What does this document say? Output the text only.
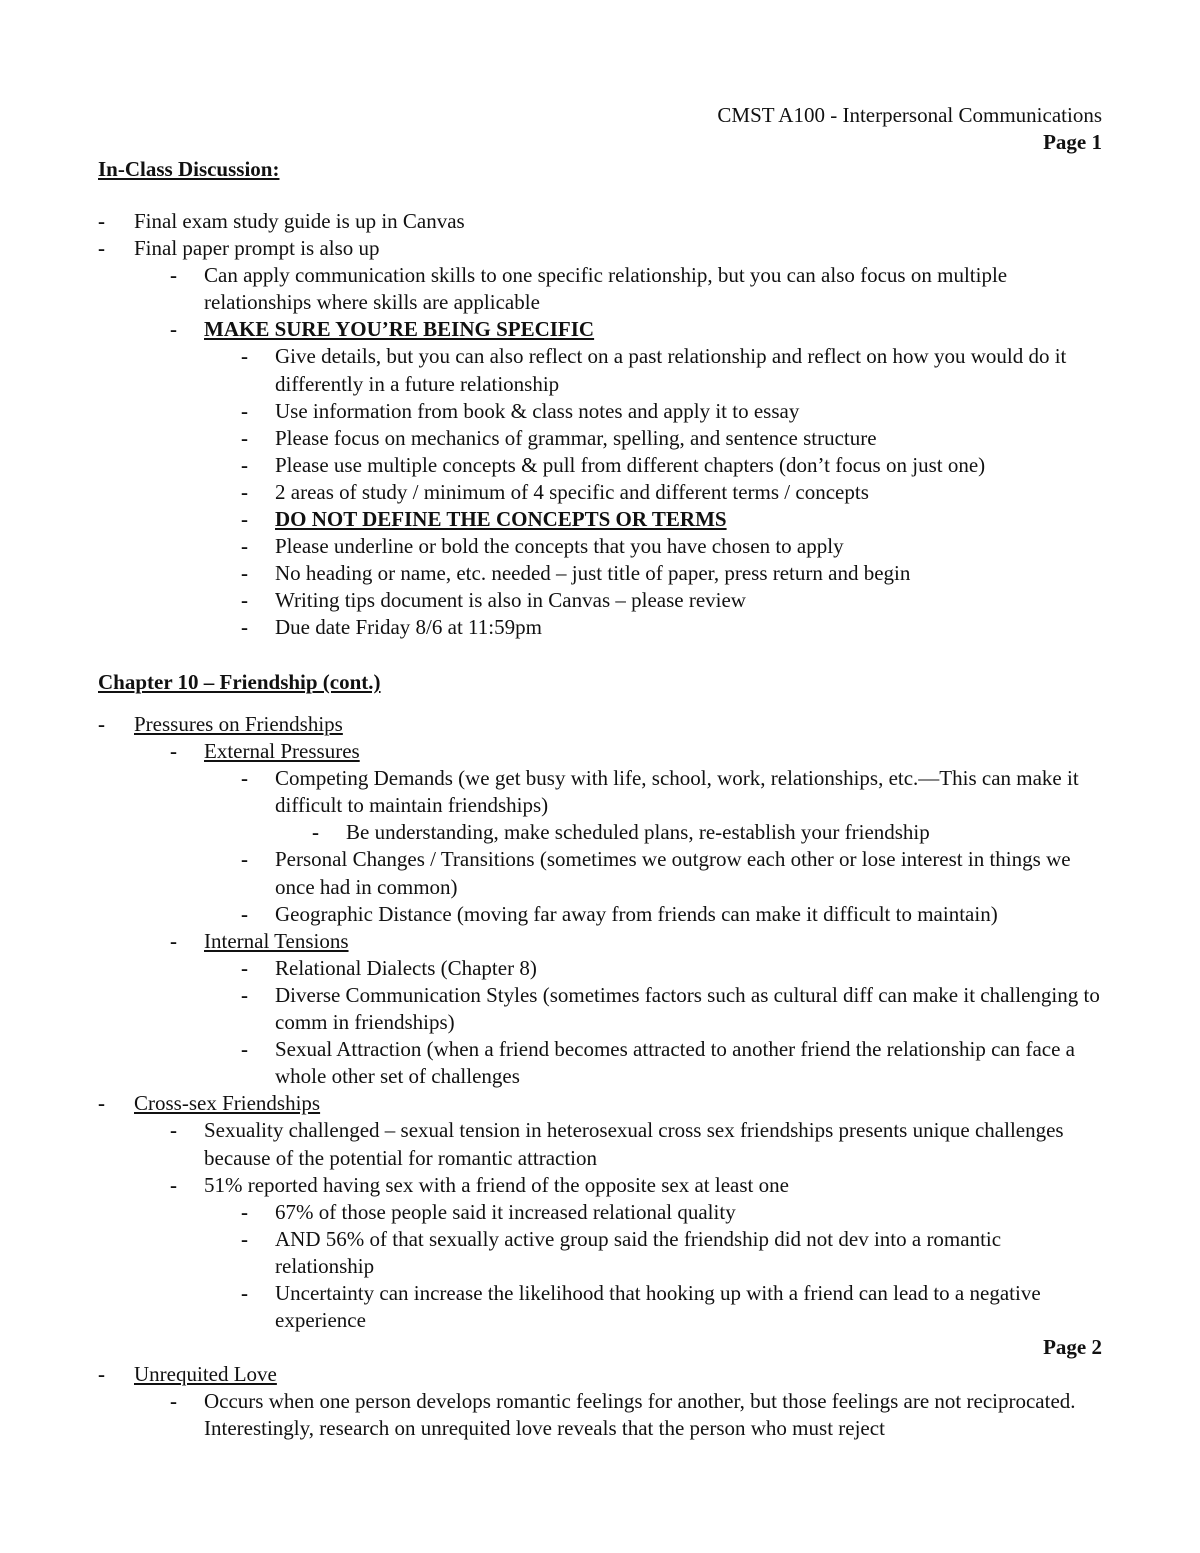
CMST A100 - Interpersonal Communications
Page 1
In-Class Discussion:
- Final exam study guide is up in Canvas
- Final paper prompt is also up
- Can apply communication skills to one specific relationship, but you can also focus on multiple relationships where skills are applicable
- MAKE SURE YOU’RE BEING SPECIFIC
- Give details, but you can also reflect on a past relationship and reflect on how you would do it differently in a future relationship
- Use information from book & class notes and apply it to essay
- Please focus on mechanics of grammar, spelling, and sentence structure
- Please use multiple concepts & pull from different chapters (don’t focus on just one)
- 2 areas of study / minimum of 4 specific and different terms / concepts
- DO NOT DEFINE THE CONCEPTS OR TERMS
- Please underline or bold the concepts that you have chosen to apply
- No heading or name, etc. needed – just title of paper, press return and begin
- Writing tips document is also in Canvas – please review
- Due date Friday 8/6 at 11:59pm
Chapter 10 – Friendship (cont.)
- Pressures on Friendships
- External Pressures
- Competing Demands (we get busy with life, school, work, relationships, etc.—This can make it difficult to maintain friendships)
- Be understanding, make scheduled plans, re-establish your friendship
- Personal Changes / Transitions (sometimes we outgrow each other or lose interest in things we once had in common)
- Geographic Distance (moving far away from friends can make it difficult to maintain)
- Internal Tensions
- Relational Dialects (Chapter 8)
- Diverse Communication Styles (sometimes factors such as cultural diff can make it challenging to comm in friendships)
- Sexual Attraction (when a friend becomes attracted to another friend the relationship can face a whole other set of challenges
- Cross-sex Friendships
- Sexuality challenged – sexual tension in heterosexual cross sex friendships presents unique challenges because of the potential for romantic attraction
- 51% reported having sex with a friend of the opposite sex at least one
- 67% of those people said it increased relational quality
- AND 56% of that sexually active group said the friendship did not dev into a romantic relationship
- Uncertainty can increase the likelihood that hooking up with a friend can lead to a negative experience
Page 2
- Unrequited Love
- Occurs when one person develops romantic feelings for another, but those feelings are not reciprocated. Interestingly, research on unrequited love reveals that the person who must reject
